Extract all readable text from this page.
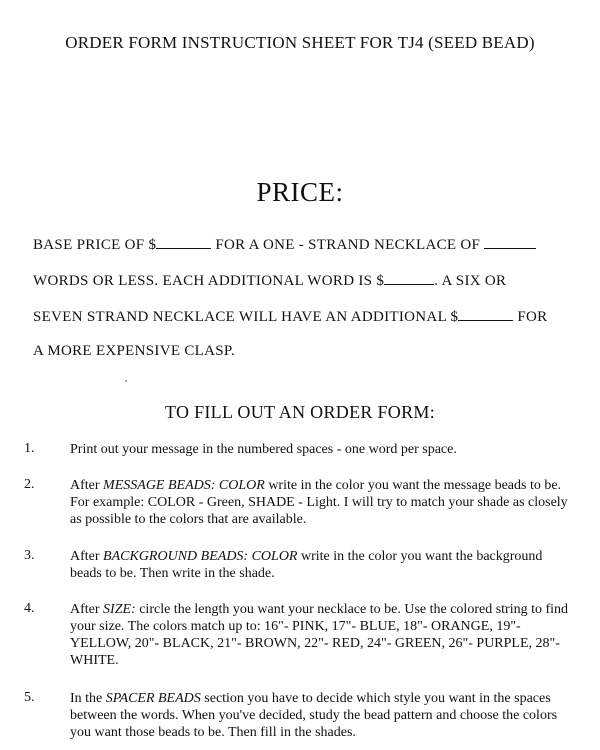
ORDER FORM INSTRUCTION SHEET FOR TJ4 (SEED BEAD)
PRICE:
BASE PRICE OF $	FOR A ONE - STRAND NECKLACE OF
WORDS OR LESS. EACH ADDITIONAL WORD IS $	. A SIX OR
SEVEN STRAND NECKLACE WILL HAVE AN ADDITIONAL $	FOR
A MORE EXPENSIVE CLASP.
TO FILL OUT AN ORDER FORM:
1.	Print out your message in the numbered spaces - one word per space.
2.	After MESSAGE BEADS: COLOR write in the color you want the message beads to be. For example: COLOR - Green, SHADE - Light. I will try to match your shade as closely as possible to the colors that are available.
3.	After BACKGROUND BEADS: COLOR write in the color you want the background beads to be. Then write in the shade.
4.	After SIZE: circle the length you want your necklace to be. Use the colored string to find your size. The colors match up to: 16"- PINK, 17"- BLUE, 18"- ORANGE, 19"- YELLOW, 20"- BLACK, 21"- BROWN, 22"- RED, 24"- GREEN, 26"- PURPLE, 28"- WHITE.
5.	In the SPACER BEADS section you have to decide which style you want in the spaces between the words. When you've decided, study the bead pattern and choose the colors you want those beads to be. Then fill in the shades.
